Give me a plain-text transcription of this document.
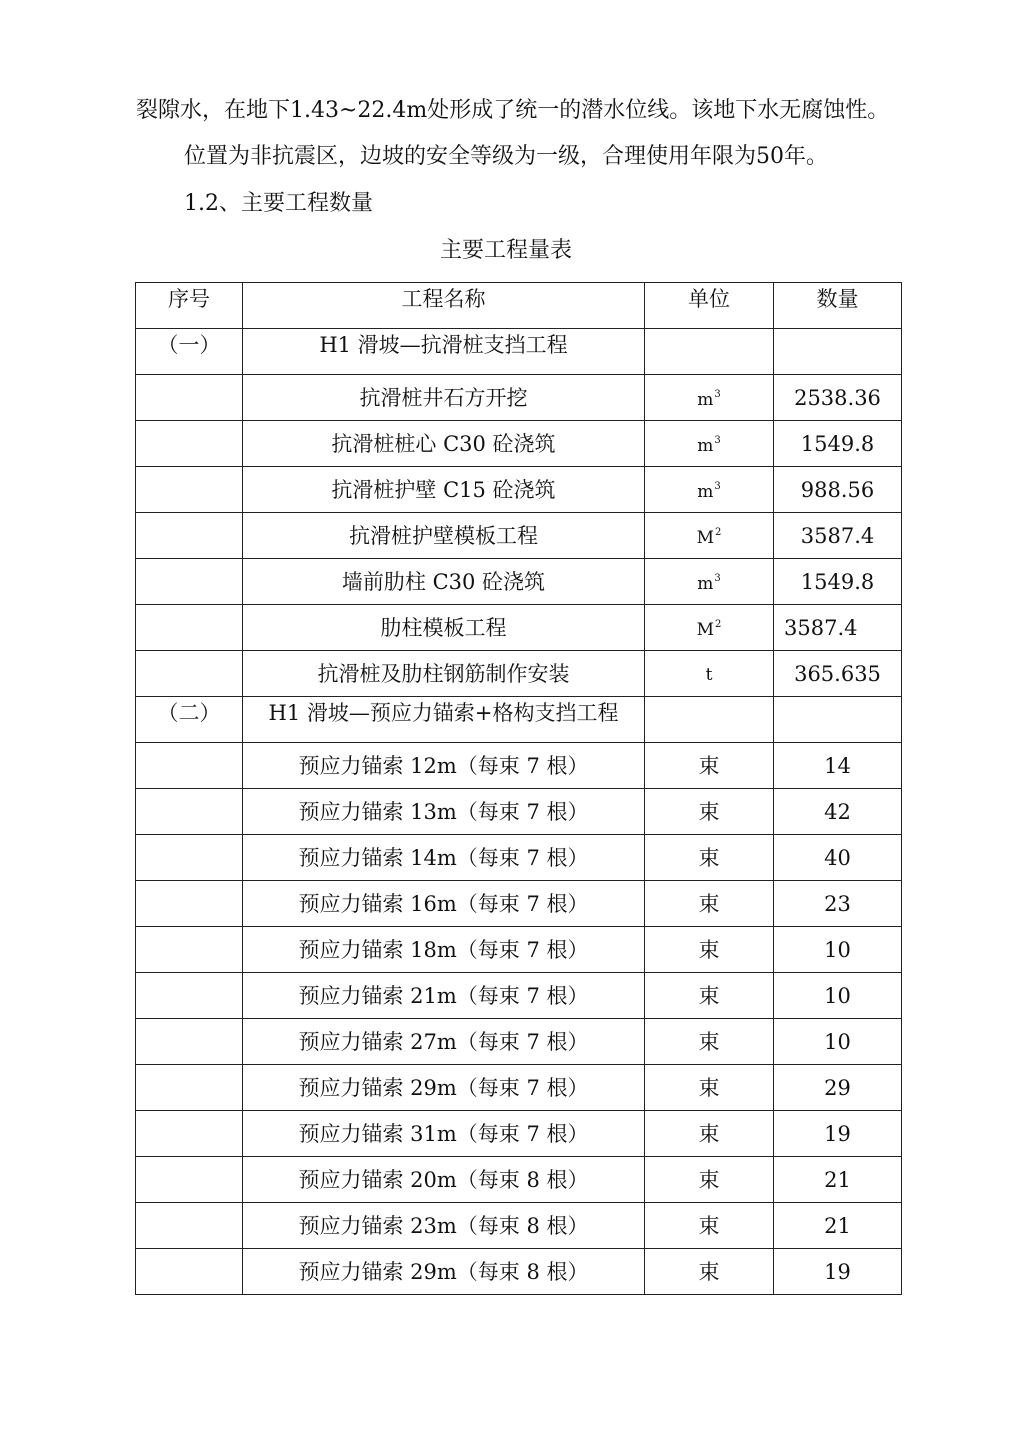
裂隙水，在地下1.43~22.4m处形成了统一的潜水位线。该地下水无腐蚀性。
位置为非抗震区，边坡的安全等级为一级，合理使用年限为50年。
1.2、主要工程数量
主要工程量表
序号	工程名称	单位	数量
（一）	H1 滑坡—抗滑桩支挡工程		
	抗滑桩井石方开挖	$m^3$	2538.36
	抗滑桩桩心 C30 砼浇筑	$m^3$	1549.8
	抗滑桩护壁 C15 砼浇筑	$m^3$	988.56
	抗滑桩护壁模板工程	$M^2$	3587.4
	墙前肋柱 C30 砼浇筑	$m^3$	1549.8
	肋柱模板工程	$M^2$	3587.4
	抗滑桩及肋柱钢筋制作安装	t	365.635
（二）	H1 滑坡—预应力锚索+格构支挡工程		
	预应力锚索 12m（每束 7 根）	束	14
	预应力锚索 13m（每束 7 根）	束	42
	预应力锚索 14m（每束 7 根）	束	40
	预应力锚索 16m（每束 7 根）	束	23
	预应力锚索 18m（每束 7 根）	束	10
	预应力锚索 21m（每束 7 根）	束	10
	预应力锚索 27m（每束 7 根）	束	10
	预应力锚索 29m（每束 7 根）	束	29
	预应力锚索 31m（每束 7 根）	束	19
	预应力锚索 20m（每束 8 根）	束	21
	预应力锚索 23m（每束 8 根）	束	21
	预应力锚索 29m（每束 8 根）	束	19
